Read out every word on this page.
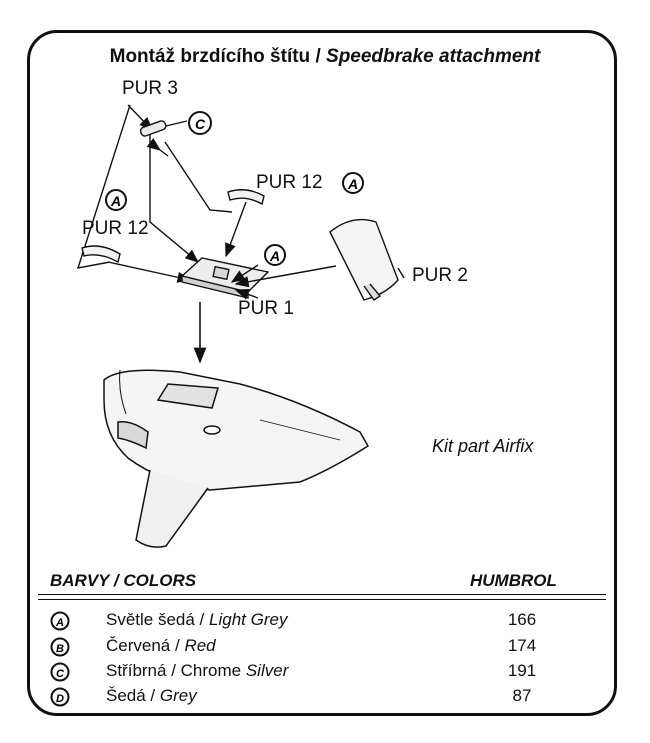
Montáž brzdícího štítu / Speedbrake attachment
A
A
A
C
PUR 3
PUR 12
PUR 12
PUR 2
PUR 1
Kit part Airfix
BARVY / COLORS	HUMBROL
A Světle šedá / Light Grey	166
B Červená / Red	174
C Stříbrná / Chrome Silver	191
D Šedá / Grey	87
